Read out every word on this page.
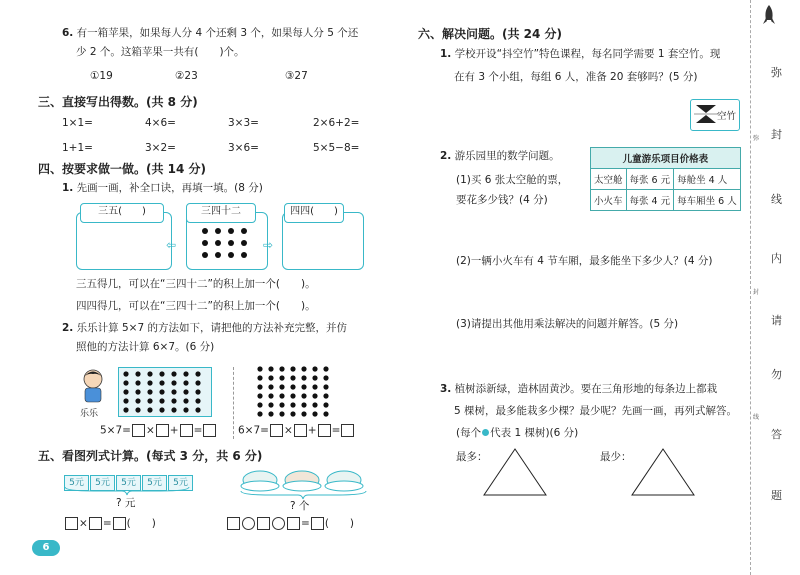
6. 有一箱苹果，如果每人分 4 个还剩 3 个，如果每人分 5 个还
少 2 个。这箱苹果一共有(　　)个。
①19	②23	③27
三、直接写出得数。(共 8 分)
1×1=	4×6=	3×3=	2×6+2=
1+1=	3×2=	3×6=	5×5−8=
四、按要求做一做。(共 14 分)
1. 先画一画，补全口诀，再填一填。(8 分)
三五(　　)	三四十二	四四(　　)
⇦	⇨
三五得几，可以在“三四十二”的积上加一个(　　)。
四四得几，可以在“三四十二”的积上加一个(　　)。
2. 乐乐计算 5×7 的方法如下，请把他的方法补充完整，并仿
照他的方法计算 6×7。(6 分)
乐乐
5×7= × + =	6×7= × + =
五、看图列式计算。(每式 3 分，共 6 分)
5元 5元 5元 5元 5元
? 元	? 个
× = (　　)	= (　　)
6
六、解决问题。(共 24 分)
1. 学校开设“抖空竹”特色课程，每名同学需要 1 套空竹。现
在有 3 个小组，每组 6 人，准备 20 套够吗？(5 分)
空竹
2. 游乐园里的数学问题。	儿童游乐项目价格表		
太空舱	每张 6 元	每舱坐 4 人
小火车	每张 4 元	每车厢坐 6 人
(1)买 6 张太空舱的票，
要花多少钱？(4 分)
(2)一辆小火车有 4 节车厢，最多能坐下多少人？(4 分)
(3)请提出其他用乘法解决的问题并解答。(5 分)
3. 植树添新绿，造林固黄沙。要在三角形地的每条边上都栽
5 棵树，最多能栽多少棵？最少呢？先画一画，再列式解答。
(每个 代表 1 棵树)(6 分)
最多：	最少：
弥
封
线
内
请
勿
答
题
弥
封
线
